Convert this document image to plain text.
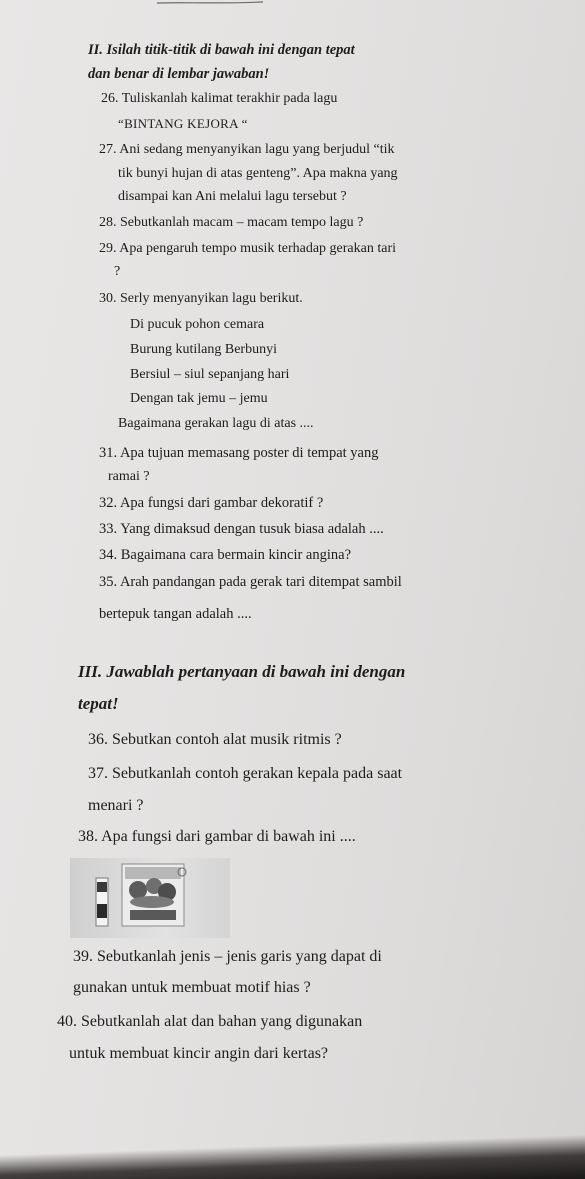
II. Isilah titik-titik di bawah ini dengan tepat
dan benar di lembar jawaban!
26. Tuliskanlah kalimat terakhir pada lagu
“BINTANG KEJORA “
27. Ani sedang menyanyikan lagu yang berjudul “tik
tik bunyi hujan di atas genteng”. Apa makna yang
disampai kan Ani melalui lagu tersebut ?
28. Sebutkanlah macam – macam tempo lagu ?
29. Apa pengaruh tempo musik terhadap gerakan tari
?
30. Serly menyanyikan lagu berikut.
Di pucuk pohon cemara
Burung kutilang Berbunyi
Bersiul – siul sepanjang hari
Dengan tak jemu – jemu
Bagaimana gerakan lagu di atas ....
31. Apa tujuan memasang poster di tempat yang
ramai ?
32. Apa fungsi dari gambar dekoratif ?
33. Yang dimaksud dengan tusuk biasa adalah ....
34. Bagaimana cara bermain kincir angina?
35. Arah pandangan pada gerak tari ditempat sambil
bertepuk tangan adalah ....
III. Jawablah pertanyaan di bawah ini dengan
tepat!
36. Sebutkan contoh alat musik ritmis ?
37. Sebutkanlah contoh gerakan kepala pada saat
menari ?
38. Apa fungsi dari gambar di bawah ini ....
39. Sebutkanlah jenis – jenis garis yang dapat di
gunakan untuk membuat motif hias ?
40. Sebutkanlah alat dan bahan yang digunakan
untuk membuat kincir angin dari kertas?
